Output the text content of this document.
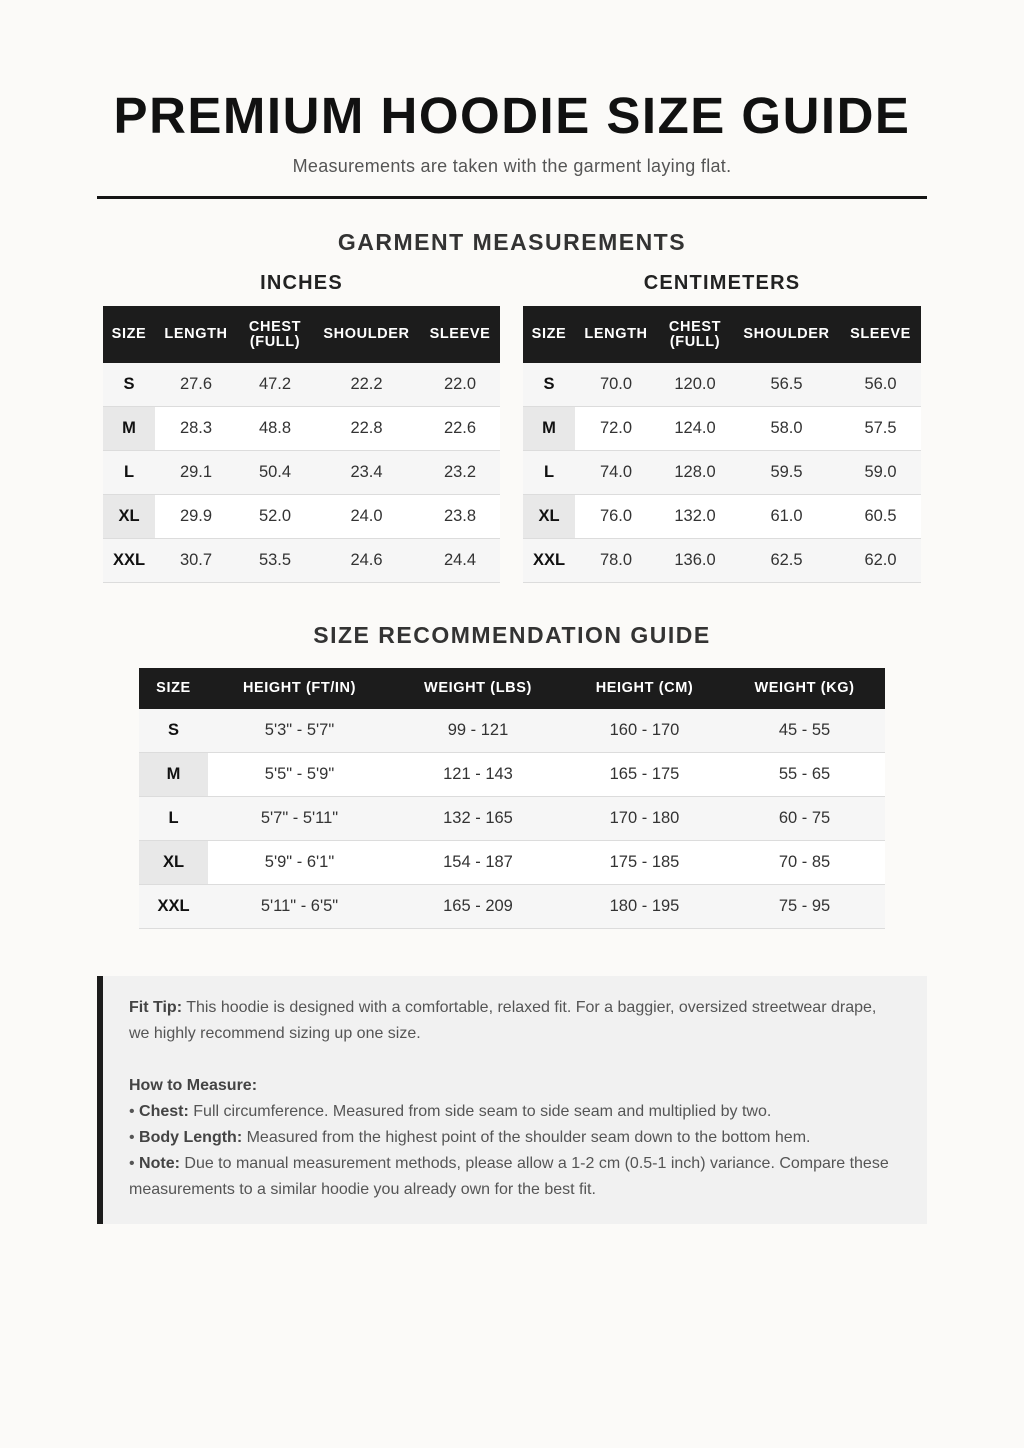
PREMIUM HOODIE SIZE GUIDE
Measurements are taken with the garment laying flat.
GARMENT MEASUREMENTS
INCHES	CENTIMETERS
SIZE	LENGTH	CHEST (FULL)	SHOULDER	SLEEVE
S	27.6	47.2	22.2	22.0
M	28.3	48.8	22.8	22.6
L	29.1	50.4	23.4	23.2
XL	29.9	52.0	24.0	23.8
XXL	30.7	53.5	24.6	24.4
SIZE	LENGTH	CHEST (FULL)	SHOULDER	SLEEVE
S	70.0	120.0	56.5	56.0
M	72.0	124.0	58.0	57.5
L	74.0	128.0	59.5	59.0
XL	76.0	132.0	61.0	60.5
XXL	78.0	136.0	62.5	62.0
SIZE RECOMMENDATION GUIDE
SIZE	HEIGHT (FT/IN)	WEIGHT (LBS)	HEIGHT (CM)	WEIGHT (KG)
S	5'3" - 5'7"	99 - 121	160 - 170	45 - 55
M	5'5" - 5'9"	121 - 143	165 - 175	55 - 65
L	5'7" - 5'11"	132 - 165	170 - 180	60 - 75
XL	5'9" - 6'1"	154 - 187	175 - 185	70 - 85
XXL	5'11" - 6'5"	165 - 209	180 - 195	75 - 95

Fit Tip: This hoodie is designed with a comfortable, relaxed fit. For a baggier, oversized streetwear drape, we highly recommend sizing up one size.

How to Measure:

• Chest: Full circumference. Measured from side seam to side seam and multiplied by two.

• Body Length: Measured from the highest point of the shoulder seam down to the bottom hem.

• Note: Due to manual measurement methods, please allow a 1-2 cm (0.5-1 inch) variance. Compare these measurements to a similar hoodie you already own for the best fit.
